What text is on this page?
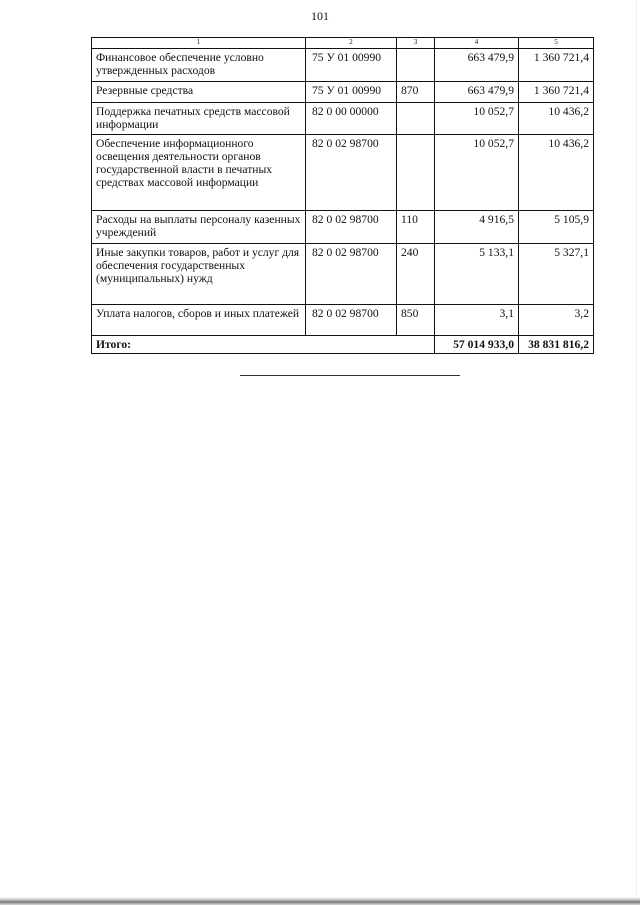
101
1	2	3	4	5
Финансовое обеспечение условно утвержденных расходов	75 У 01 00990		663 479,9	1 360 721,4
Резервные средства	75 У 01 00990	870	663 479,9	1 360 721,4
Поддержка печатных средств массовой информации	82 0 00 00000		10 052,7	10 436,2
Обеспечение информационного освещения деятельности органов государственной власти в печатных средствах массовой информации	82 0 02 98700		10 052,7	10 436,2
Расходы на выплаты персоналу казенных учреждений	82 0 02 98700	110	4 916,5	5 105,9
Иные закупки товаров, работ и услуг для обеспечения государственных (муниципальных) нужд	82 0 02 98700	240	5 133,1	5 327,1
Уплата налогов, сборов и иных платежей	82 0 02 98700	850	3,1	3,2
Итого:			57 014 933,0	38 831 816,2
